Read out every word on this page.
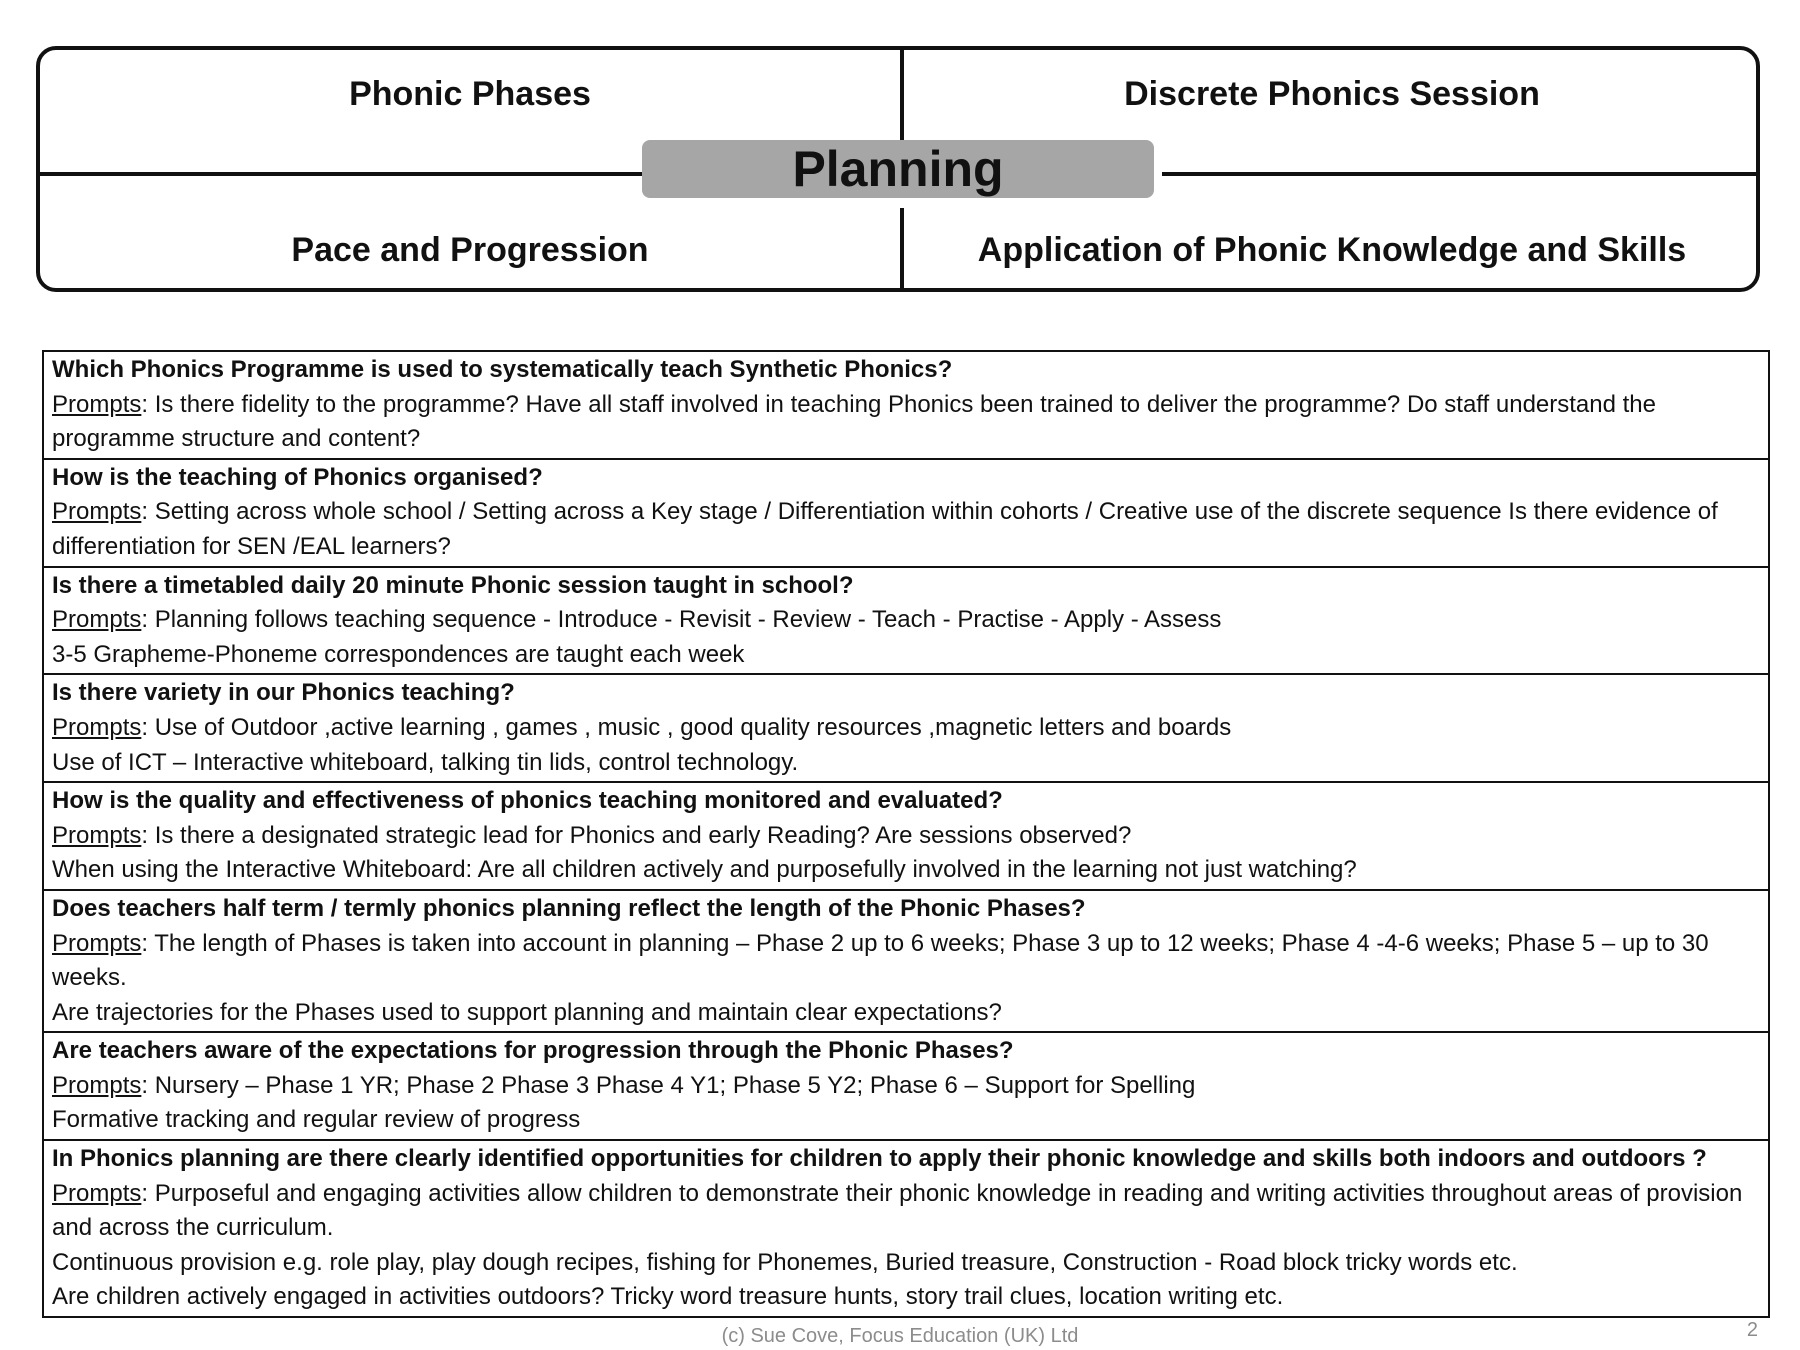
Phonic Phases	Discrete Phonics Session
Pace and Progression	Application of Phonic Knowledge and Skills
Planning
Which Phonics Programme is used to systematically teach Synthetic Phonics?
Prompts: Is there fidelity to the programme? Have all staff involved in teaching Phonics been trained to deliver the programme? Do staff understand the programme structure and content?
How is the teaching of Phonics organised?
Prompts: Setting across whole school / Setting across a Key stage / Differentiation within cohorts / Creative use of the discrete sequence Is there evidence of differentiation for SEN /EAL learners?
Is there a timetabled daily 20 minute Phonic session taught in school?
Prompts: Planning follows teaching sequence - Introduce - Revisit - Review - Teach - Practise - Apply - Assess
3-5 Grapheme-Phoneme correspondences are taught each week
Is there variety in our Phonics teaching?
Prompts: Use of Outdoor ,active learning , games , music , good quality resources ,magnetic letters and boards
Use of ICT – Interactive whiteboard, talking tin lids, control technology.
How is the quality and effectiveness of phonics teaching monitored and evaluated?
Prompts: Is there a designated strategic lead for Phonics and early Reading? Are sessions observed?
When using the Interactive Whiteboard: Are all children actively and purposefully involved in the learning not just watching?
Does teachers half term / termly phonics planning reflect the length of the Phonic Phases?
Prompts: The length of Phases is taken into account in planning – Phase 2 up to 6 weeks; Phase 3 up to 12 weeks; Phase 4 -4-6 weeks; Phase 5 – up to 30 weeks.
Are trajectories for the Phases used to support planning and maintain clear expectations?
Are teachers aware of the expectations for progression through the Phonic Phases?
Prompts: Nursery – Phase 1 YR; Phase 2 Phase 3 Phase 4 Y1; Phase 5 Y2; Phase 6 – Support for Spelling
Formative tracking and regular review of progress
In Phonics planning are there clearly identified opportunities for children to apply their phonic knowledge and skills both indoors and outdoors ?
Prompts: Purposeful and engaging activities allow children to demonstrate their phonic knowledge in reading and writing activities throughout areas of provision and across the curriculum.
Continuous provision e.g. role play, play dough recipes, fishing for Phonemes, Buried treasure, Construction - Road block tricky words etc.
Are children actively engaged in activities outdoors? Tricky word treasure hunts, story trail clues, location writing etc.
(c) Sue Cove, Focus Education (UK) Ltd	2
